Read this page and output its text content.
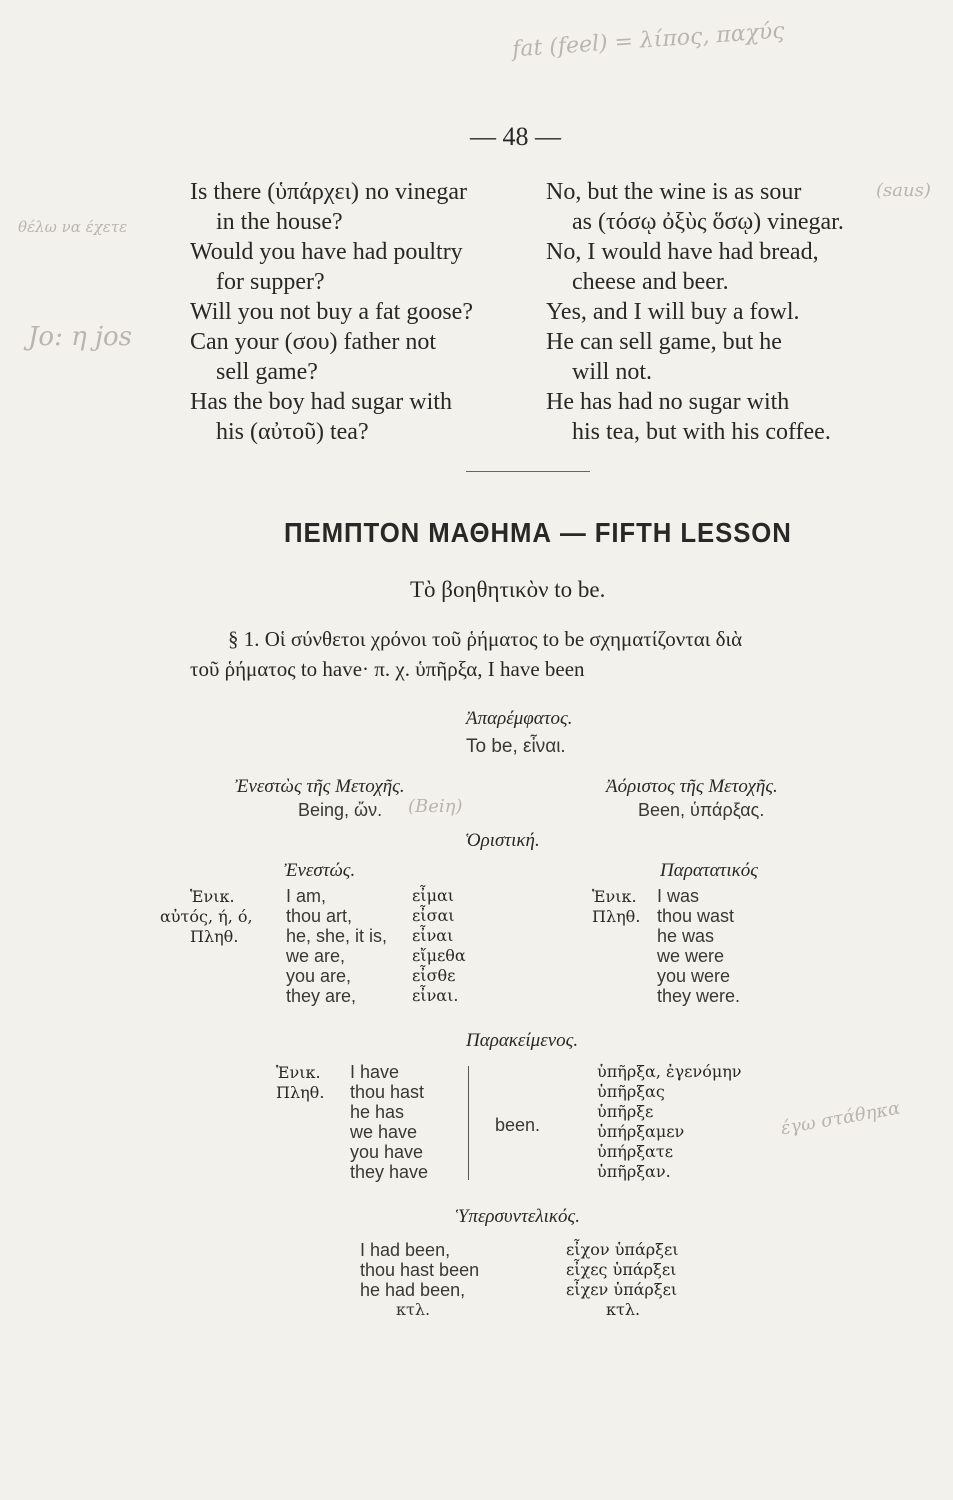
fat (feel) = λίπος, παχύς
θέλω να έχετε
Jo: η jos
(saus)
(Beiη)
έγω στάθηκα
— 48 —
Is there (ὑπάρχει) no vinegar
in the house?
Would you have had poultry
for supper?
Will you not buy a fat goose?
Can your (σου) father not
sell game?
Has the boy had sugar with
his (αὐτοῦ) tea?
No, but the wine is as sour
as (τόσῳ ὀξὺς ὅσῳ) vinegar.
No, I would have had bread,
cheese and beer.
Yes, and I will buy a fowl.
He can sell game, but he
will not.
He has had no sugar with
his tea, but with his coffee.
ΠΕΜΠΤΟΝ ΜΑΘΗΜΑ — FIFTH LESSON
Τὸ βοηθητικὸν to be.
§ 1. Οἱ σύνθετοι χρόνοι τοῦ ῥήματος to be σχηματίζονται διὰ
τοῦ ῥήματος to have· π. χ. ὑπῆρξα, I have been
Ἀπαρέμφατος.
To be, εἶναι.
Ἐνεστὼς τῆς Μετοχῆς.
Being, ὤν.
Ἀόριστος τῆς Μετοχῆς.
Been, ὑπάρξας.
Ὁριστική.
Ἐνεστώς.	Παρατατικός
Ἑνικ.
αὐτός, ή, ό,
Πληθ.
I am,
thou art,
he, she, it is,
we are,
you are,
they are,
εἶμαι
εἶσαι
εἶναι
εἴμεθα
εἶσθε
εἶναι.
Ἑνικ.
Πληθ.
I was
thou wast
he was
we were
you were
they were.
Παρακείμενος.
Ἑνικ.
Πληθ.
I have
thou hast
he has
we have
you have
they have
been.
ὑπῆρξα, ἐγενόμην
ὑπῆρξας
ὑπῆρξε
ὑπήρξαμεν
ὑπήρξατε
ὑπῆρξαν.
Ὑπερσυντελικός.
I had been,
thou hast been
he had been,
κτλ.
εἶχον ὑπάρξει
εἶχες ὑπάρξει
εἶχεν ὑπάρξει
κτλ.
